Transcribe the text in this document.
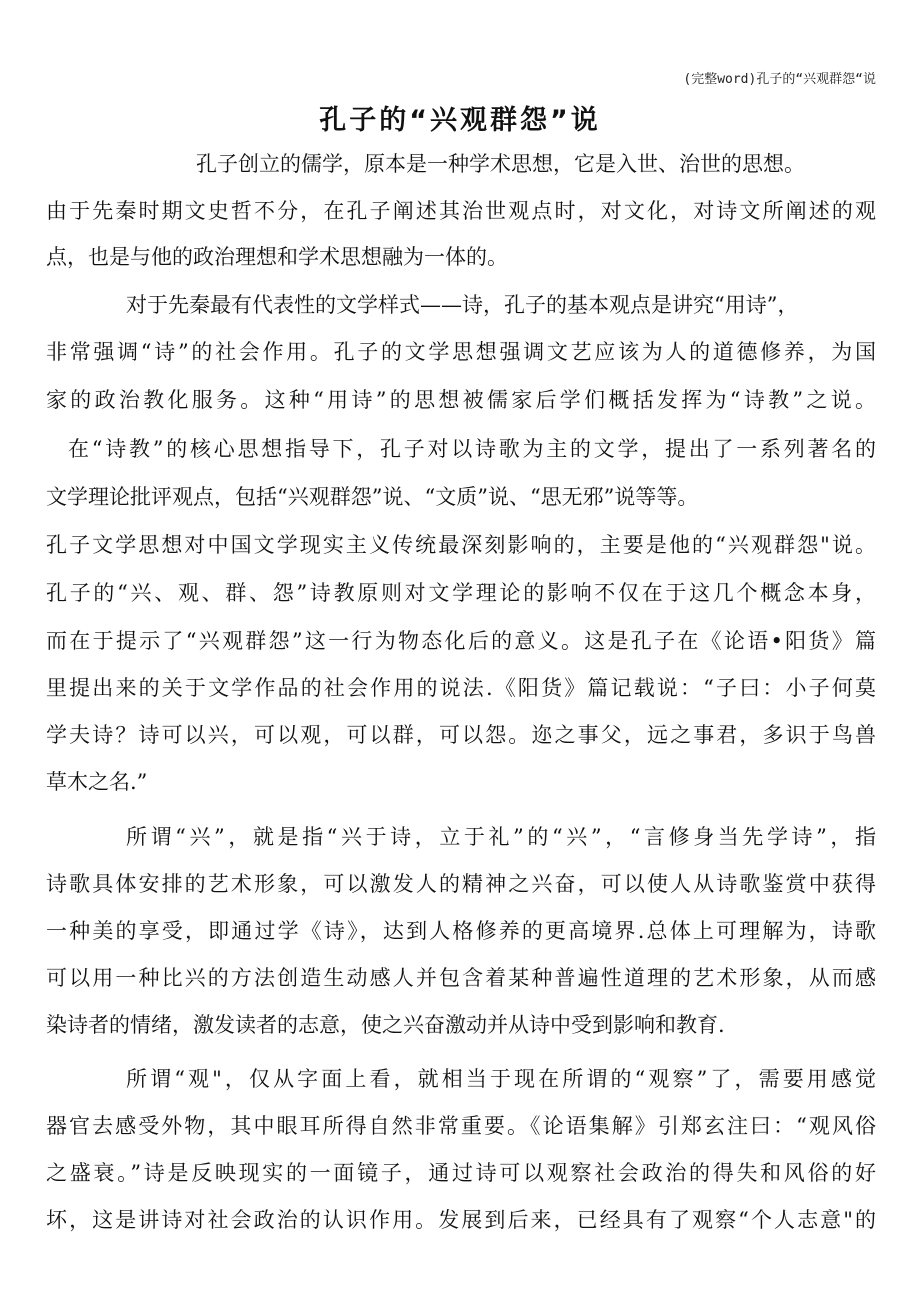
(完整word)孔子的“兴观群怨“说
孔子的“兴观群怨”说
孔子创立的儒学，原本是一种学术思想，它是入世、治世的思想。
由于先秦时期文史哲不分，在孔子阐述其治世观点时，对文化，对诗文所阐述的观
点，也是与他的政治理想和学术思想融为一体的。
对于先秦最有代表性的文学样式——诗，孔子的基本观点是讲究“用诗”，
非常强调“诗”的社会作用。孔子的文学思想强调文艺应该为人的道德修养，为国
家的政治教化服务。这种“用诗”的思想被儒家后学们概括发挥为“诗教”之说。
在“诗教”的核心思想指导下，孔子对以诗歌为主的文学，提出了一系列著名的
文学理论批评观点，包括“兴观群怨”说、“文质”说、“思无邪”说等等。
孔子文学思想对中国文学现实主义传统最深刻影响的，主要是他的“兴观群怨"说。
孔子的“兴、观、群、怨”诗教原则对文学理论的影响不仅在于这几个概念本身，
而在于提示了“兴观群怨”这一行为物态化后的意义。这是孔子在《论语•阳货》篇
里提出来的关于文学作品的社会作用的说法.《阳货》篇记载说：“子曰：小子何莫
学夫诗？诗可以兴，可以观，可以群，可以怨。迩之事父，远之事君，多识于鸟兽
草木之名.”
所谓“兴”，就是指“兴于诗，立于礼”的“兴”，“言修身当先学诗”，指
诗歌具体安排的艺术形象，可以激发人的精神之兴奋，可以使人从诗歌鉴赏中获得
一种美的享受，即通过学《诗》，达到人格修养的更高境界.总体上可理解为，诗歌
可以用一种比兴的方法创造生动感人并包含着某种普遍性道理的艺术形象，从而感
染诗者的情绪，激发读者的志意，使之兴奋激动并从诗中受到影响和教育.
所谓“观"，仅从字面上看，就相当于现在所谓的“观察”了，需要用感觉
器官去感受外物，其中眼耳所得自然非常重要。《论语集解》引郑玄注曰：“观风俗
之盛衰。”诗是反映现实的一面镜子，通过诗可以观察社会政治的得失和风俗的好
坏，这是讲诗对社会政治的认识作用。发展到后来，已经具有了观察“个人志意"的
